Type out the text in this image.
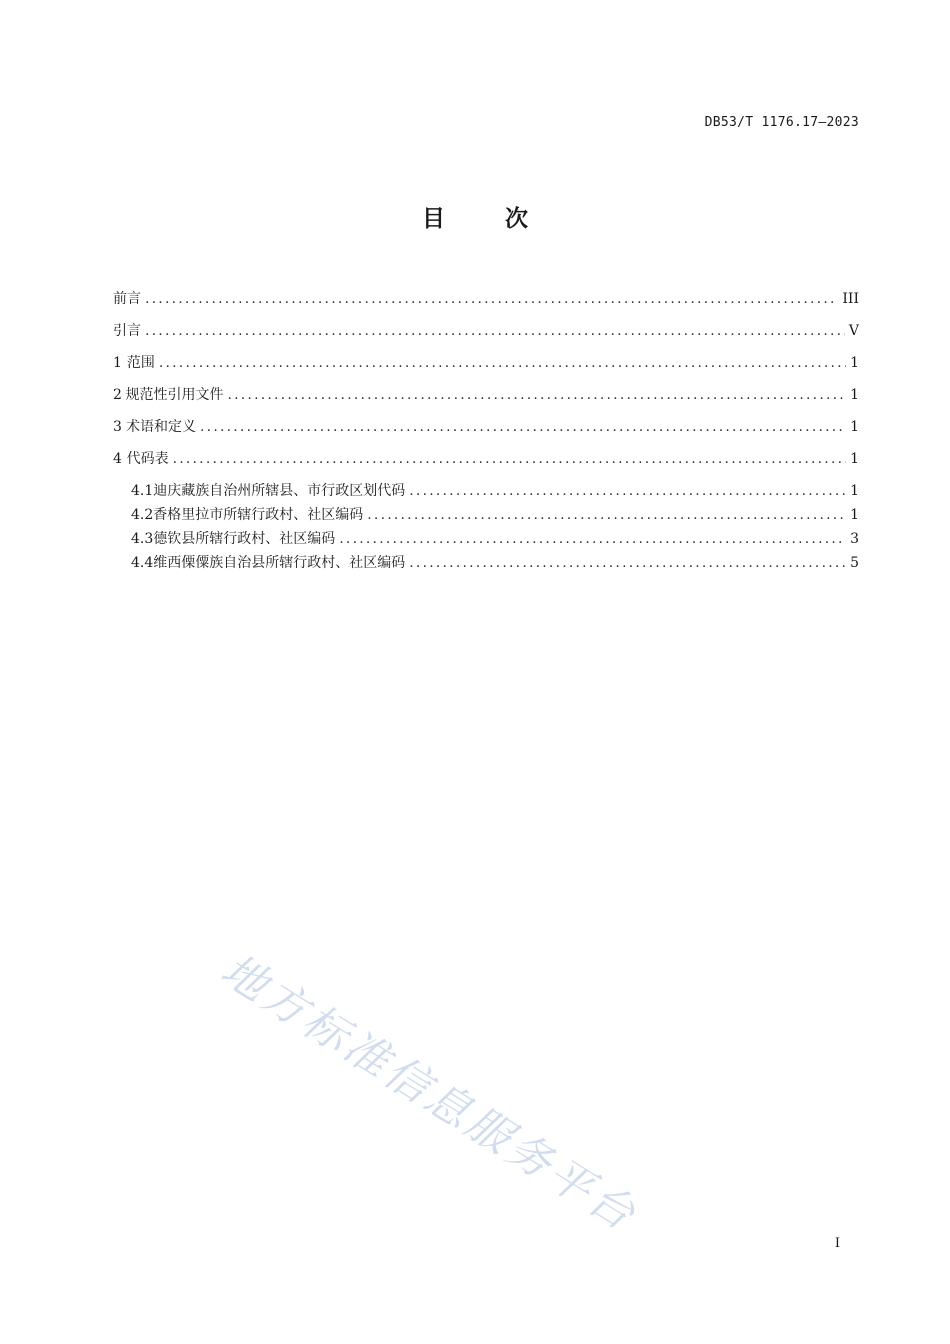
DB53/T 1176.17—2023
目次
前言 .....	III
引言 .....	V
1 范围 .....	1
2 规范性引用文件 .....	1
3 术语和定义 .....	1
4 代码表 .....	1
4.1 迪庆藏族自治州所辖县、市行政区划代码 .....	1
4.2 香格里拉市所辖行政村、社区编码 .....	1
4.3 德钦县所辖行政村、社区编码 .....	3
4.4 维西傈僳族自治县所辖行政村、社区编码 .....	5
地方标准信息服务平台
I
